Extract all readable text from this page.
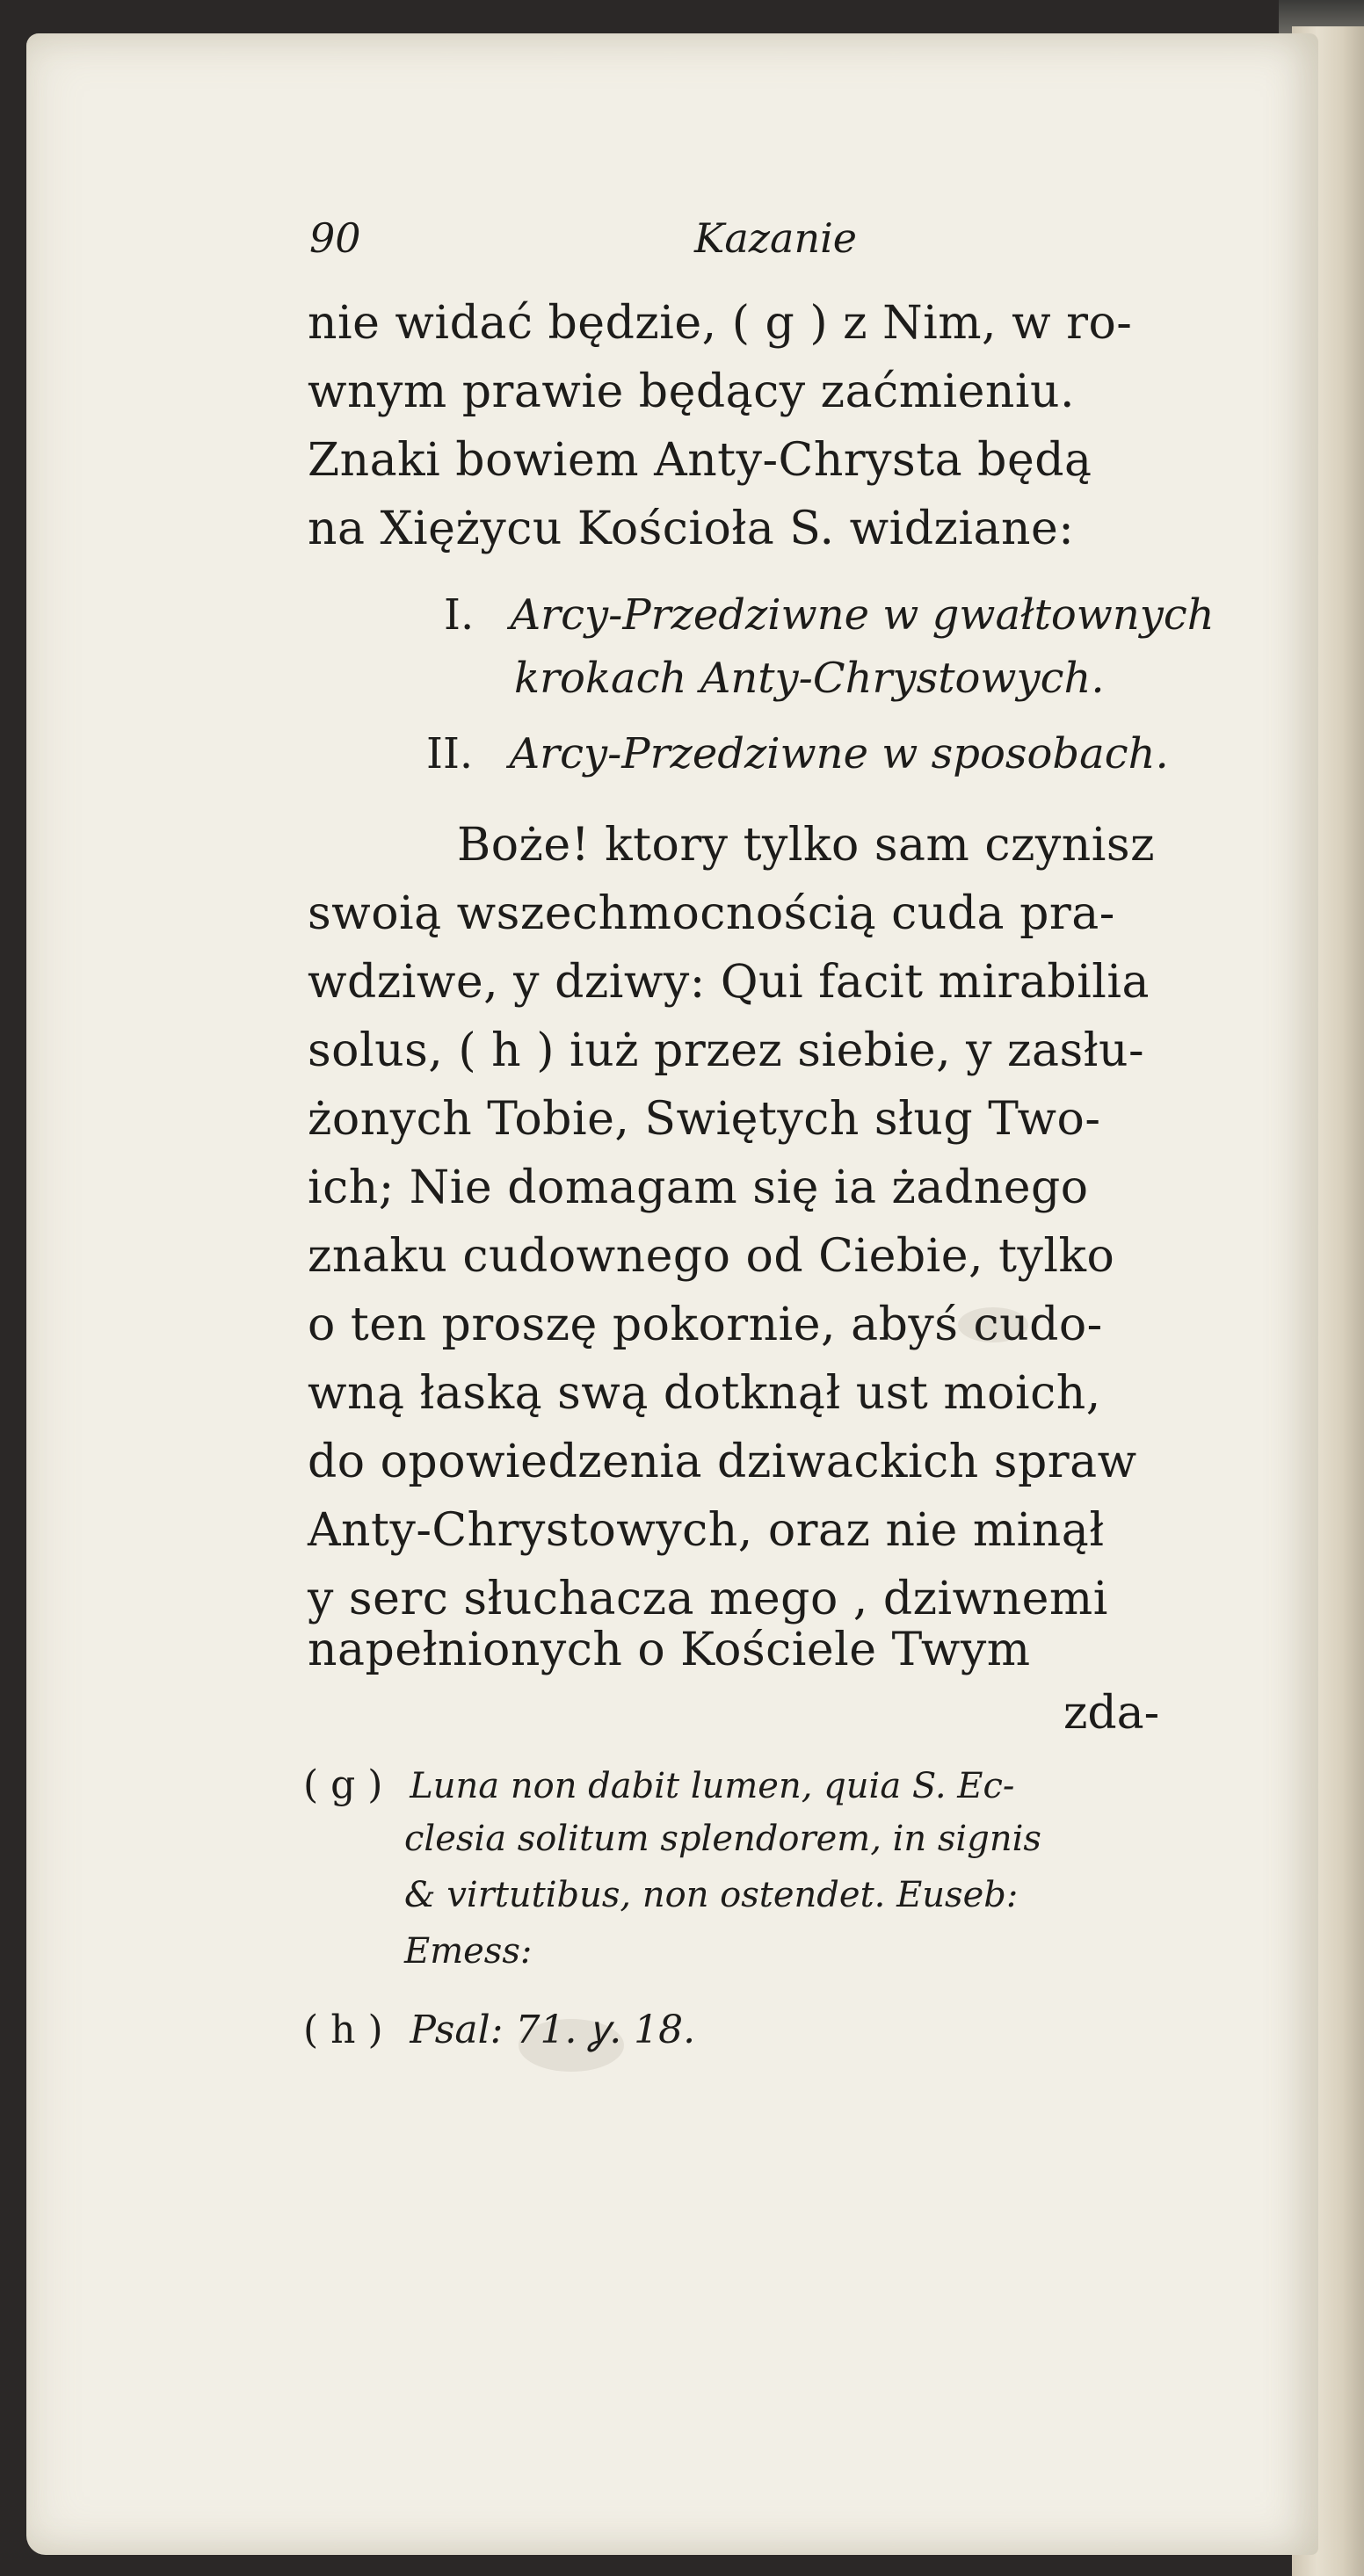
90	Kazanie
nie widać będzie, ( g ) z Nim, w ro-
wnym prawie będący zaćmieniu.
Znaki bowiem Anty-Chrysta będą
na Xiężycu Kościoła S. widziane:
I. Arcy-Przedziwne w gwałtownych
krokach Anty-Chrystowych.
II. Arcy-Przedziwne w sposobach.
Boże! ktory tylko sam czynisz
swoią wszechmocnością cuda pra-
wdziwe, y dziwy: Qui facit mirabilia
solus, ( h ) iuż przez siebie, y zasłu-
żonych Tobie, Swiętych sług Two-
ich; Nie domagam się ia żadnego
znaku cudownego od Ciebie, tylko
o ten proszę pokornie, abyś cudo-
wną łaską swą dotknął ust moich,
do opowiedzenia dziwackich spraw
Anty-Chrystowych, oraz nie minął
y serc słuchacza mego , dziwnemi
napełnionych o Kościele Twym
zda-
( g ) Luna non dabit lumen, quia S. Ec-
clesia solitum splendorem, in signis
& virtutibus, non ostendet. Euseb:
Emess:
( h ) Psal: 71. ỿ. 18.
